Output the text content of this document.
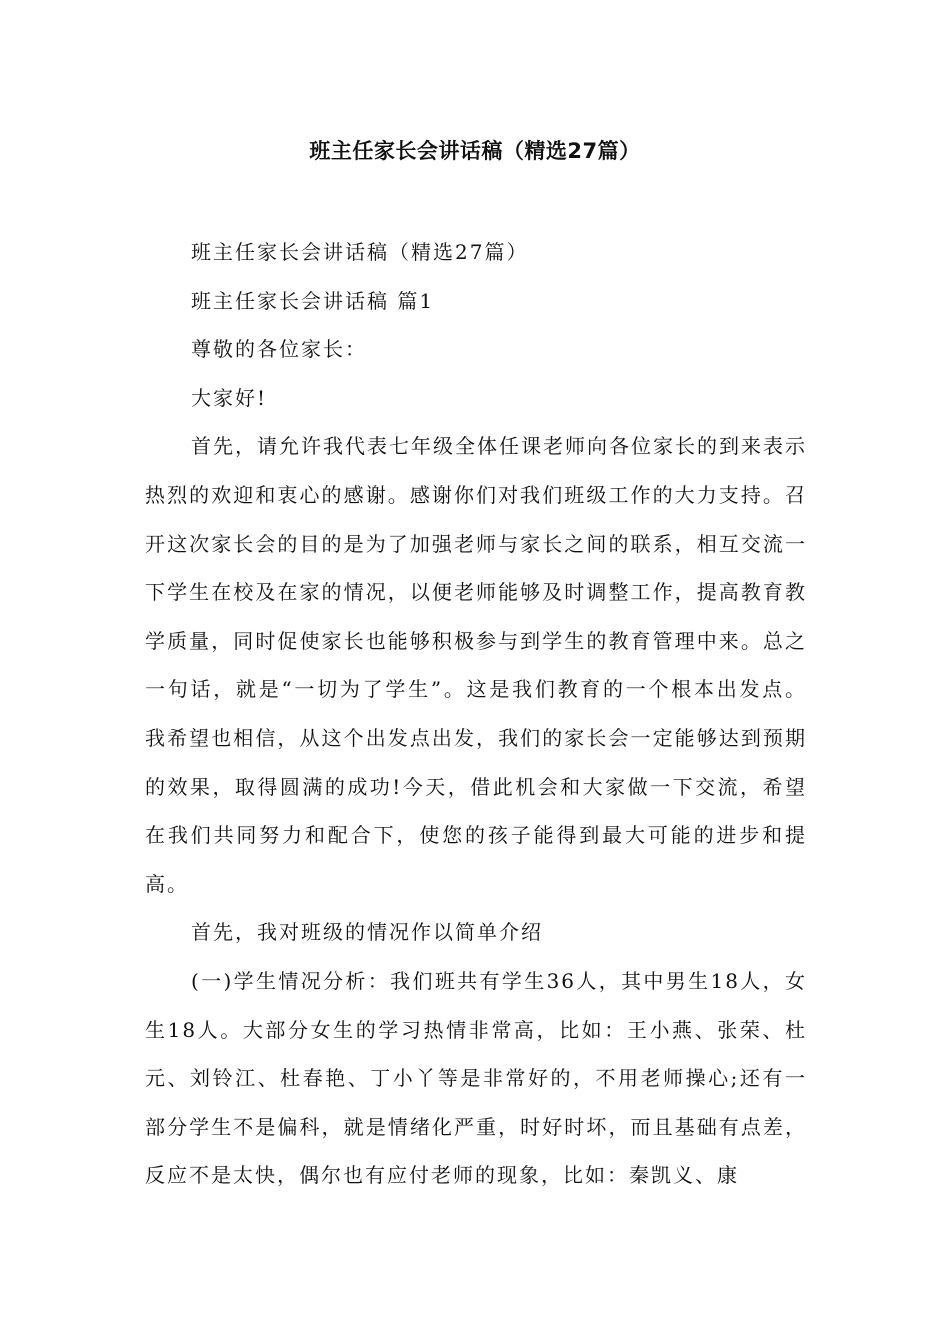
班主任家长会讲话稿（精选27篇）

班主任家长会讲话稿（精选27篇）

班主任家长会讲话稿 篇1

尊敬的各位家长：

大家好!

首先，请允许我代表七年级全体任课老师向各位家长的到来表示热烈的欢迎和衷心的感谢。感谢你们对我们班级工作的大力支持。召开这次家长会的目的是为了加强老师与家长之间的联系，相互交流一下学生在校及在家的情况，以便老师能够及时调整工作，提高教育教学质量，同时促使家长也能够积极参与到学生的教育管理中来。总之一句话，就是“一切为了学生”。这是我们教育的一个根本出发点。我希望也相信，从这个出发点出发，我们的家长会一定能够达到预期的效果，取得圆满的成功!今天，借此机会和大家做一下交流，希望在我们共同努力和配合下，使您的孩子能得到最大可能的进步和提高。

首先，我对班级的情况作以简单介绍

(一)学生情况分析：我们班共有学生36人，其中男生18人，女生18人。大部分女生的学习热情非常高，比如：王小燕、张荣、杜元、刘铃江、杜春艳、丁小丫等是非常好的，不用老师操心;还有一部分学生不是偏科，就是情绪化严重，时好时坏，而且基础有点差，反应不是太快，偶尔也有应付老师的现象，比如：秦凯义、康
